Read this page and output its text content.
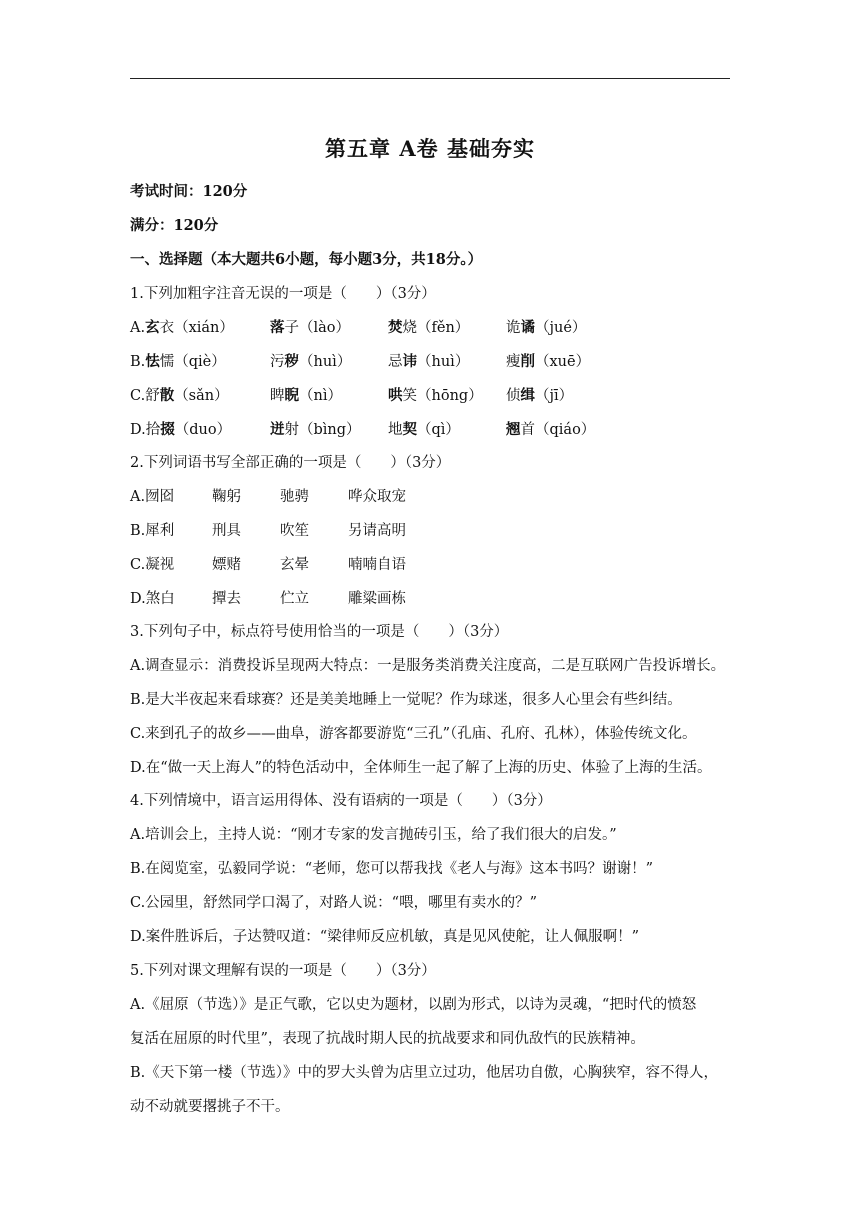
第五章 A卷 基础夯实
考试时间：120分
满分：120分
一、选择题（本大题共6小题，每小题3分，共18分。）
1.下列加粗字注音无误的一项是（　　）（3分）
A.玄衣（xián） 落子（lào）	焚烧（fěn）	诡谲（jué）
B.怯懦（qiè）	污秽（huì）	忌讳（huì）	瘦削（xuē）
C.舒散（sǎn）	睥睨（nì）	哄笑（hōng） 侦缉（jī）
D.拾掇（duo）	迸射（bìng） 地契（qì）	翘首（qiáo）
2.下列词语书写全部正确的一项是（　　）（3分）
A.囫囵	鞠躬	驰骋	哗众取宠
B.犀利	刑具	吹笙	另请高明
C.凝视	嫖赌	玄晕	喃喃自语
D.煞白	撢去	伫立	雕粱画栋
3.下列句子中，标点符号使用恰当的一项是（　　）（3分）
A.调查显示：消费投诉呈现两大特点：一是服务类消费关注度高，二是互联网广告投诉增长。
B.是大半夜起来看球赛？还是美美地睡上一觉呢？作为球迷，很多人心里会有些纠结。
C.来到孔子的故乡——曲阜，游客都要游览“三孔”（孔庙、孔府、孔林），体验传统文化。
D.在“做一天上海人”的特色活动中，全体师生一起了解了上海的历史、体验了上海的生活。
4.下列情境中，语言运用得体、没有语病的一项是（　　）（3分）
A.培训会上，主持人说：“刚才专家的发言抛砖引玉，给了我们很大的启发。”
B.在阅览室，弘毅同学说：“老师，您可以帮我找《老人与海》这本书吗？谢谢！”
C.公园里，舒然同学口渴了，对路人说：“喂，哪里有卖水的？”
D.案件胜诉后，子达赞叹道：“梁律师反应机敏，真是见风使舵，让人佩服啊！”
5.下列对课文理解有误的一项是（　　）（3分）
A.《屈原（节选）》是正气歌，它以史为题材，以剧为形式，以诗为灵魂，“把时代的愤怒
复活在屈原的时代里”，表现了抗战时期人民的抗战要求和同仇敌忾的民族精神。
B.《天下第一楼（节选）》中的罗大头曾为店里立过功，他居功自傲，心胸狭窄，容不得人，
动不动就要撂挑子不干。
